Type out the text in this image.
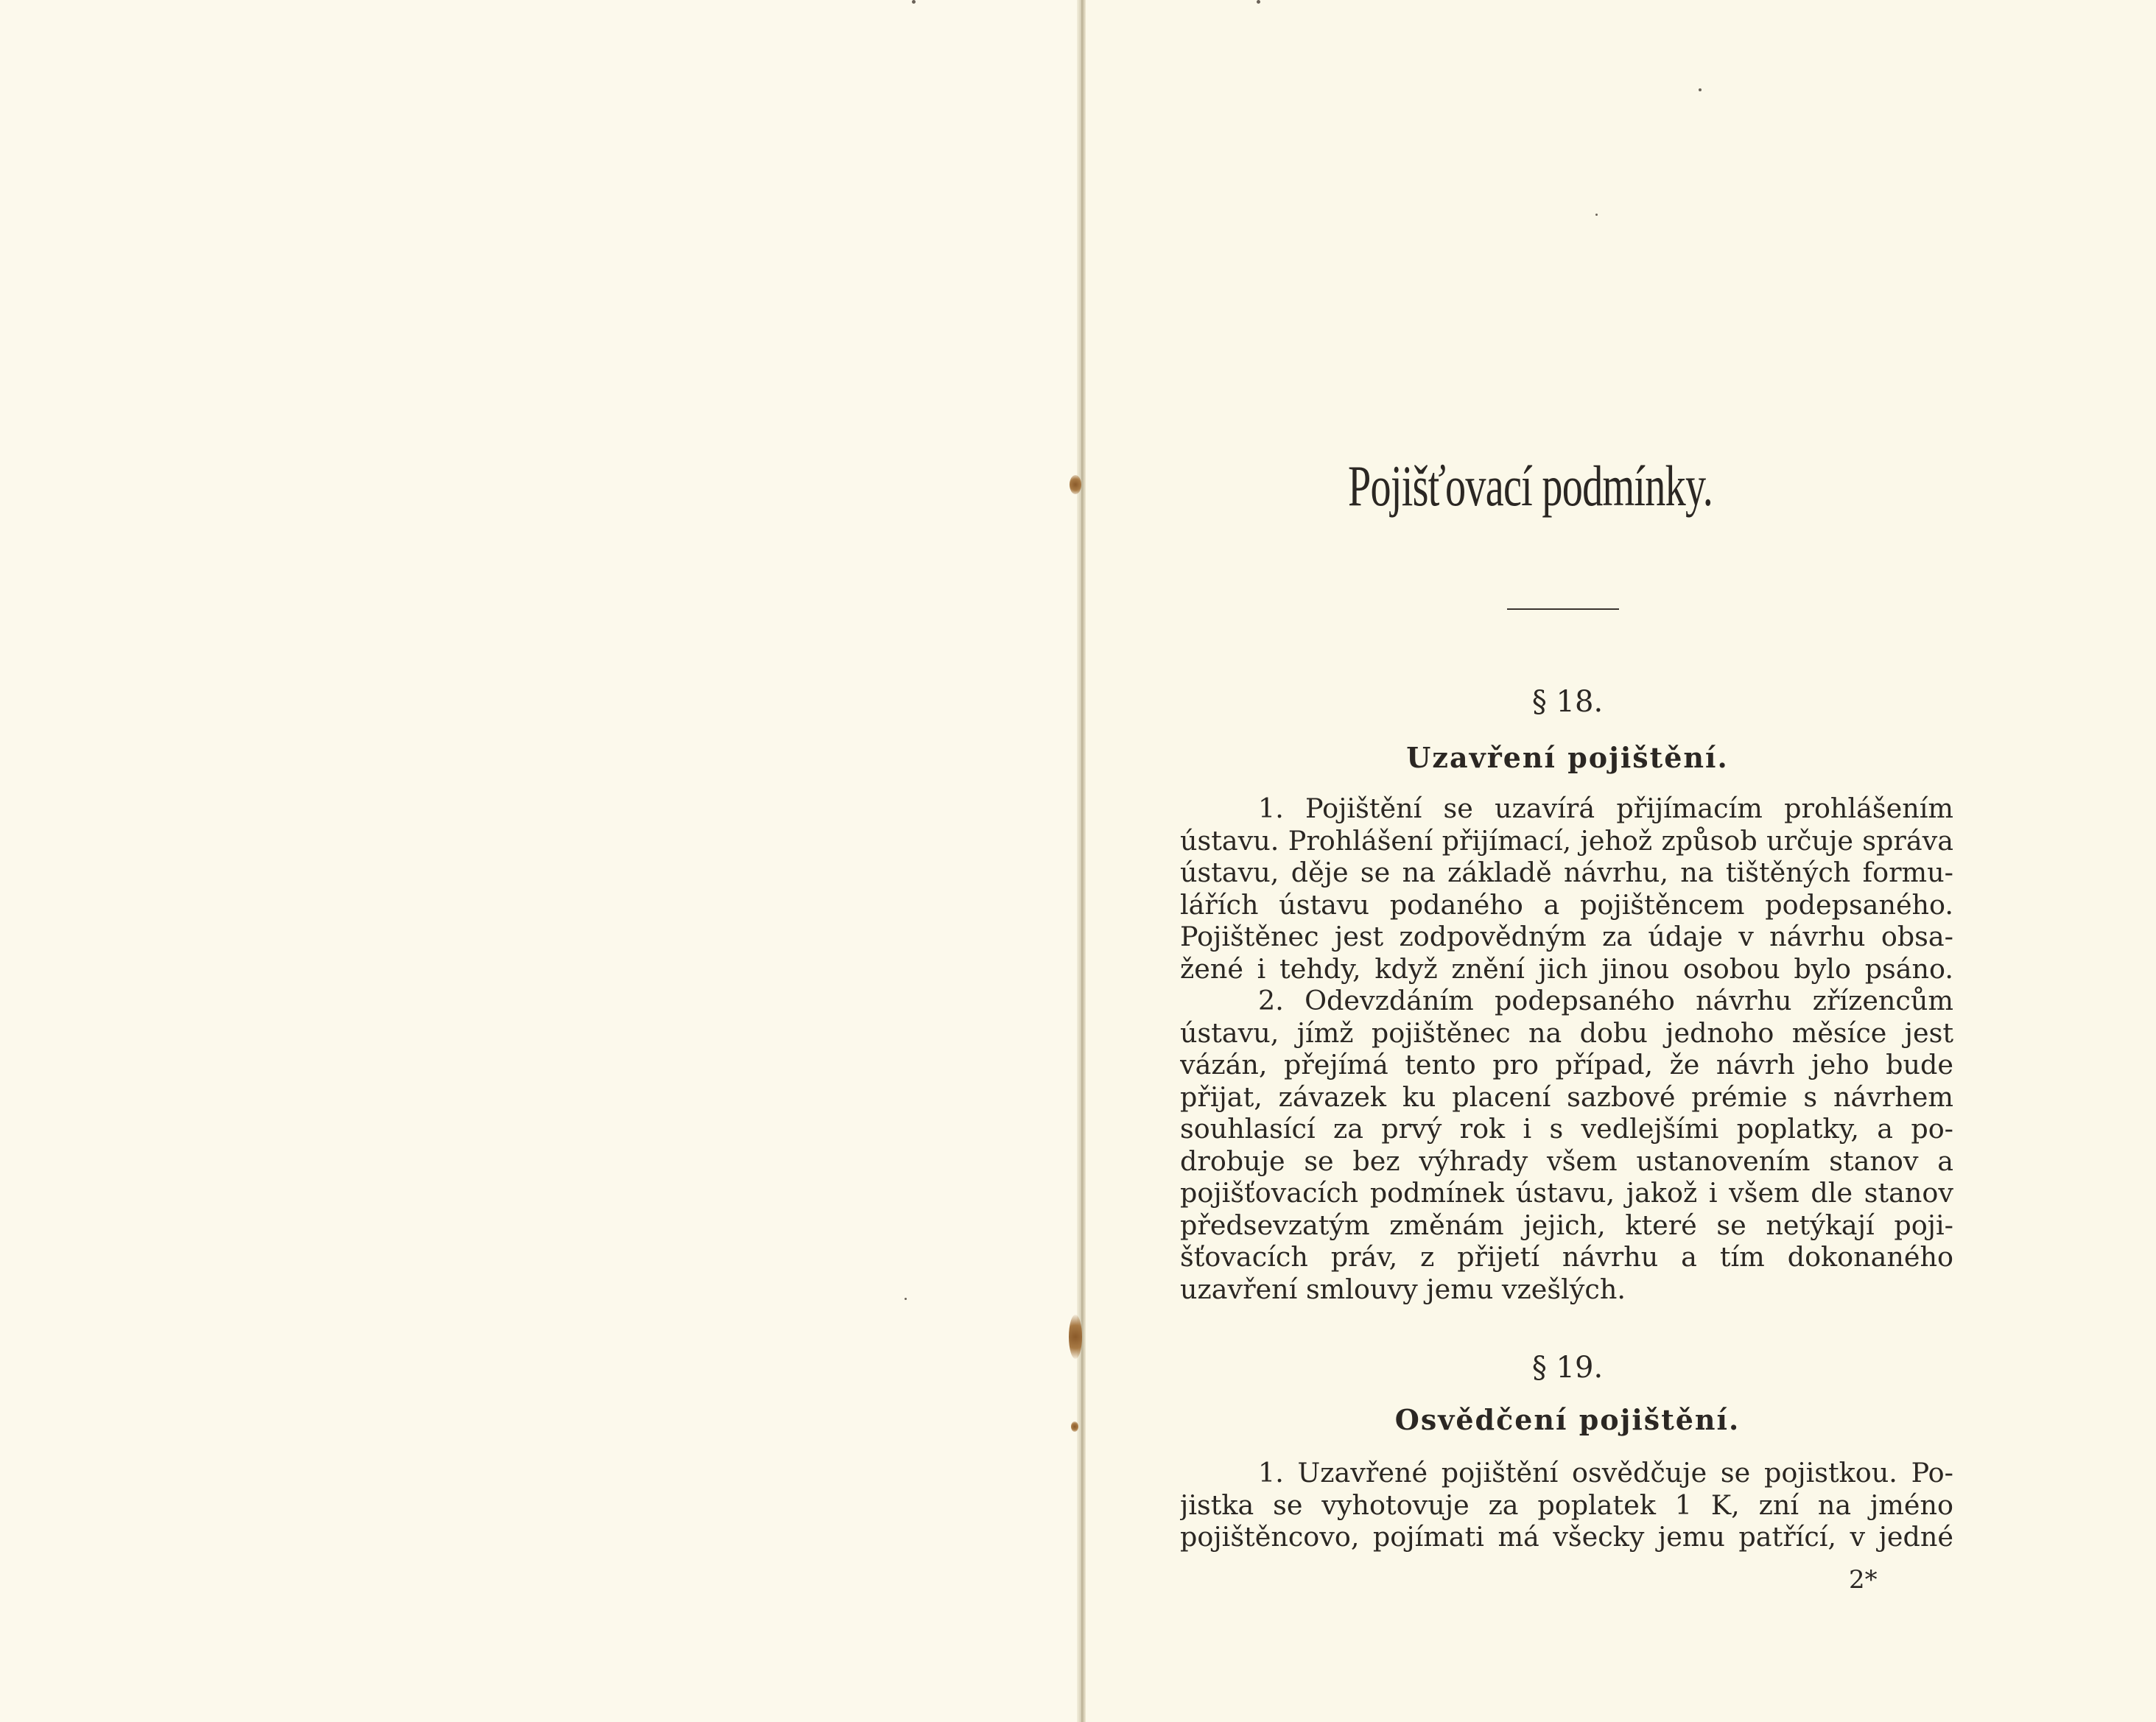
Pojišťovací podmínky.
§ 18.
Uzavření pojištění.
1. Pojištění se uzavírá přijímacím prohlášením
ústavu. Prohlášení přijímací, jehož způsob určuje správa
ústavu, děje se na základě návrhu, na tištěných formu-
lářích ústavu podaného a pojištěncem podepsaného.
Pojištěnec jest zodpovědným za údaje v návrhu obsa-
žené i tehdy, když znění jich jinou osobou bylo psáno.
2. Odevzdáním podepsaného návrhu zřízencům
ústavu, jímž pojištěnec na dobu jednoho měsíce jest
vázán, přejímá tento pro případ, že návrh jeho bude
přijat, závazek ku placení sazbové prémie s návrhem
souhlasící za prvý rok i s vedlejšími poplatky, a po-
drobuje se bez výhrady všem ustanovením stanov a
pojišťovacích podmínek ústavu, jakož i všem dle stanov
předsevzatým změnám jejich, které se netýkají poji-
šťovacích práv, z přijetí návrhu a tím dokonaného
uzavření smlouvy jemu vzešlých.
§ 19.
Osvědčení pojištění.
1. Uzavřené pojištění osvědčuje se pojistkou. Po-
jistka se vyhotovuje za poplatek 1 K, zní na jméno
pojištěncovo, pojímati má všecky jemu patřící, v jedné
2*
